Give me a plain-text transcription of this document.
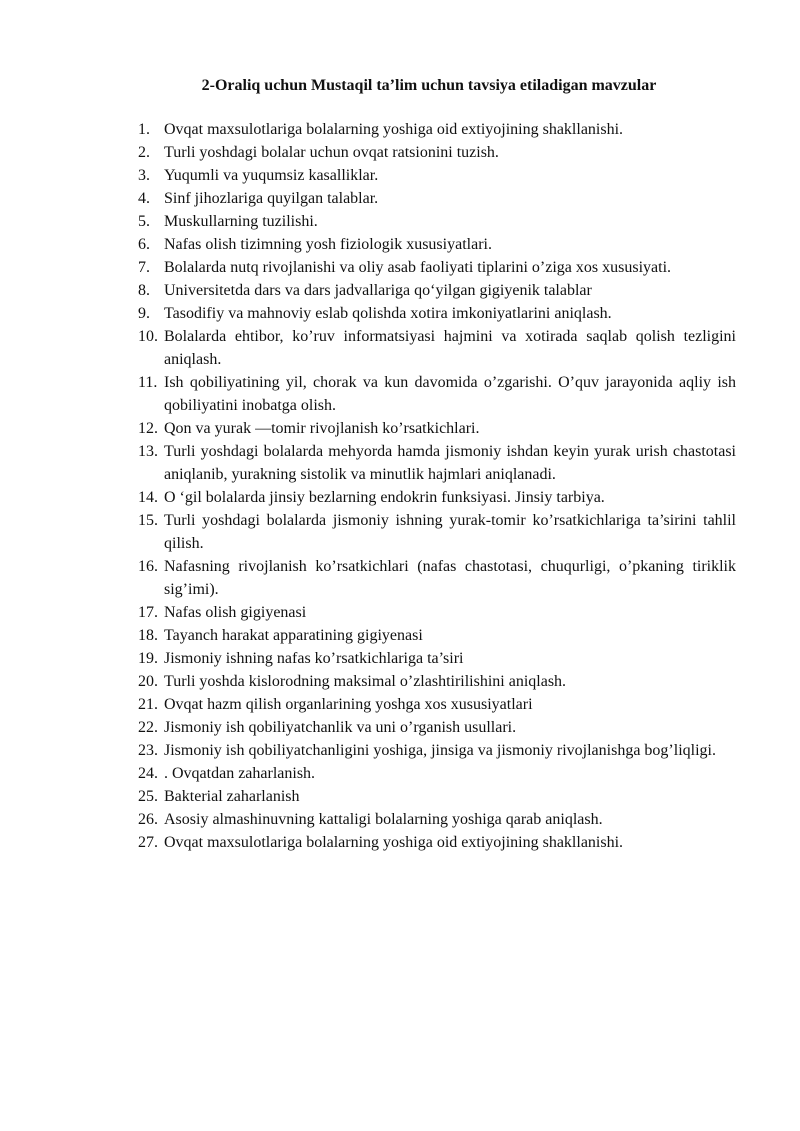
2-Oraliq uchun Mustaqil ta’lim uchun tavsiya etiladigan mavzular
1. Ovqat maxsulotlariga bolalarning yoshiga oid extiyojining shakllanishi.
2. Turli yoshdagi bolalar uchun ovqat ratsionini tuzish.
3. Yuqumli va yuqumsiz kasalliklar.
4. Sinf jihozlariga quyilgan talablar.
5. Muskullarning tuzilishi.
6. Nafas olish tizimning yosh fiziologik xususiyatlari.
7. Bolalarda nutq rivojlanishi va oliy asab faoliyati tiplarini o’ziga xos xususiyati.
8. Universitetda dars va dars jadvallariga qo‘yilgan gigiyenik talablar
9. Tasodifiy va mahnoviy eslab qolishda xotira imkoniyatlarini aniqlash.
10. Bolalarda ehtibor, ko’ruv informatsiyasi hajmini va xotirada saqlab qolish tezligini aniqlash.
11. Ish qobiliyatining yil, chorak va kun davomida o’zgarishi. O’quv jarayonida aqliy ish qobiliyatini inobatga olish.
12. Qon va yurak —tomir rivojlanish ko’rsatkichlari.
13. Turli yoshdagi bolalarda mehyorda hamda jismoniy ishdan keyin yurak urish chastotasi aniqlanib, yurakning sistolik va minutlik hajmlari aniqlanadi.
14. O ‘gil bolalarda jinsiy bezlarning endokrin funksiyasi. Jinsiy tarbiya.
15. Turli yoshdagi bolalarda jismoniy ishning yurak-tomir ko’rsatkichlariga ta’sirini tahlil qilish.
16. Nafasning rivojlanish ko’rsatkichlari (nafas chastotasi, chuqurligi, o’pkaning tiriklik sig’imi).
17. Nafas olish gigiyenasi
18. Tayanch harakat apparatining gigiyenasi
19. Jismoniy ishning nafas ko’rsatkichlariga ta’siri
20. Turli yoshda kislorodning maksimal o’zlashtirilishini aniqlash.
21. Ovqat hazm qilish organlarining yoshga xos xususiyatlari
22. Jismoniy ish qobiliyatchanlik va uni o’rganish usullari.
23. Jismoniy ish qobiliyatchanligini yoshiga, jinsiga va jismoniy rivojlanishga bog’liqligi.
24. . Ovqatdan zaharlanish.
25. Bakterial zaharlanish
26. Asosiy almashinuvning kattaligi bolalarning yoshiga qarab aniqlash.
27. Ovqat maxsulotlariga bolalarning yoshiga oid extiyojining shakllanishi.
